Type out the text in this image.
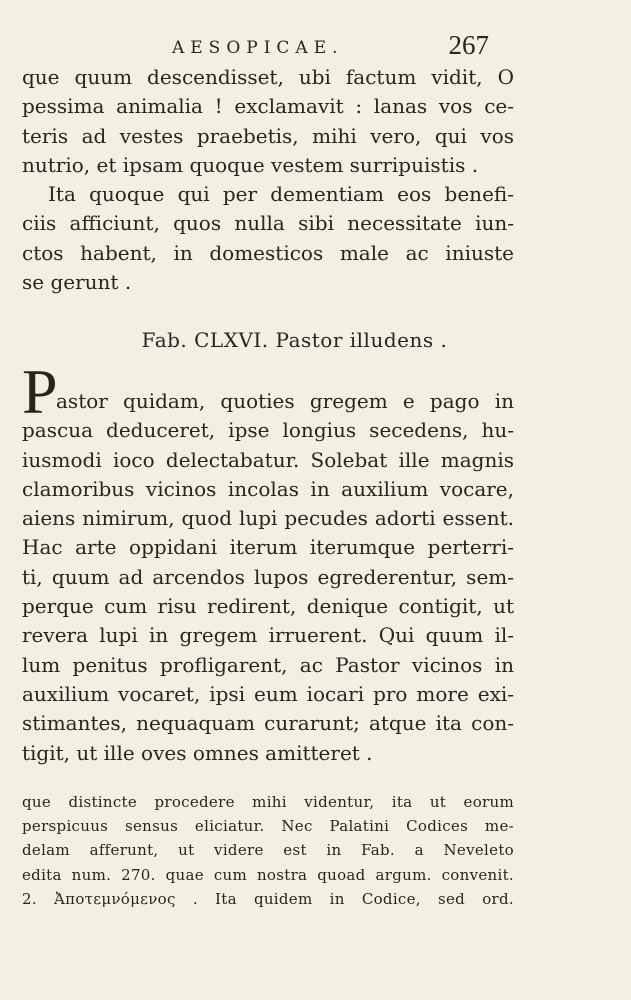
AESOPICAE.	267
que quum descendisset, ubi factum vidit, O
pessima animalia ! exclamavit : lanas vos ce-
teris ad vestes praebetis, mihi vero, qui vos
nutrio, et ipsam quoque vestem surripuistis .
Ita quoque qui per dementiam eos benefi-
ciis afficiunt, quos nulla sibi necessitate iun-
ctos habent, in domesticos male ac iniuste
se gerunt .
Fab. CLXVI. Pastor illudens .
P
astor quidam, quoties gregem e pago in
pascua deduceret, ipse longius secedens, hu-
iusmodi ioco delectabatur. Solebat ille magnis
clamoribus vicinos incolas in auxilium vocare,
aiens nimirum, quod lupi pecudes adorti essent.
Hac arte oppidani iterum iterumque perterri-
ti, quum ad arcendos lupos egrederentur, sem-
perque cum risu redirent, denique contigit, ut
revera lupi in gregem irruerent. Qui quum il-
lum penitus profligarent, ac Pastor vicinos in
auxilium vocaret, ipsi eum iocari pro more exi-
stimantes, nequaquam curarunt; atque ita con-
tigit, ut ille oves omnes amitteret .
que distincte procedere mihi videntur, ita ut eorum
perspicuus sensus eliciatur. Nec Palatini Codices me-
delam afferunt, ut videre est in Fab. a Neveleto
edita num. 270. quae cum nostra quoad argum. convenit.
2. Ἀποτεμνόμενος . Ita quidem in Codice, sed ord.
